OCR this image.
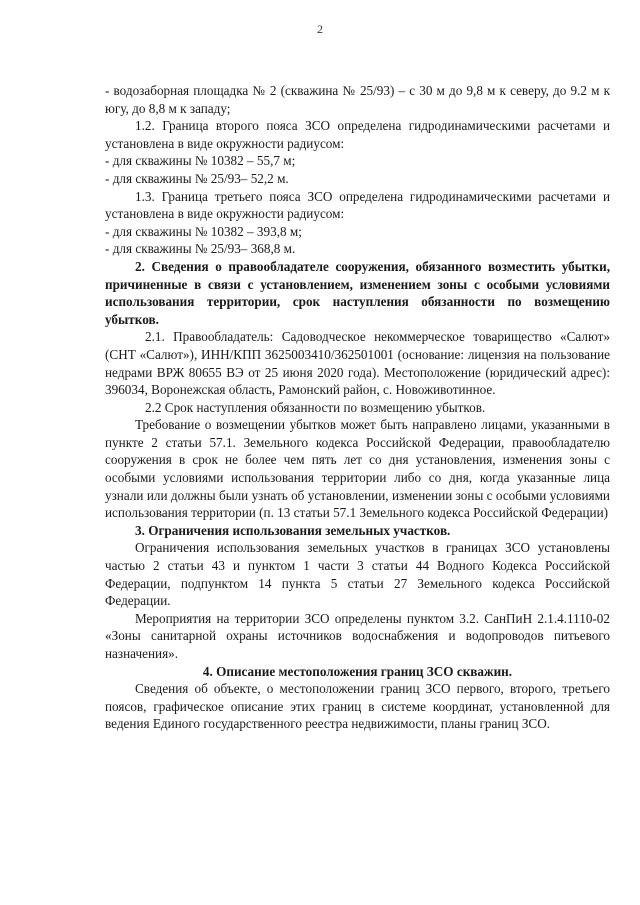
2

- водозаборная площадка № 2 (скважина № 25/93) – с 30 м до 9,8 м к северу, до 9.2 м к югу, до 8,8 м к западу;

1.2. Граница второго пояса ЗСО определена гидродинамическими расчетами и установлена в виде окружности радиусом:

- для скважины № 10382 – 55,7 м;

- для скважины № 25/93– 52,2 м.

1.3. Граница третьего пояса ЗСО определена гидродинамическими расчетами и установлена в виде окружности радиусом:

- для скважины № 10382 – 393,8 м;

- для скважины № 25/93– 368,8 м.

2. Сведения о правообладателе сооружения, обязанного возместить убытки, причиненные в связи с установлением, изменением зоны с особыми условиями использования территории, срок наступления обязанности по возмещению убытков.

2.1. Правообладатель: Садоводческое некоммерческое товарищество «Салют» (СНТ «Салют»), ИНН/КПП 3625003410/362501001 (основание: лицензия на пользование недрами ВРЖ 80655 ВЭ от 25 июня 2020 года). Местоположение (юридический адрес): 396034, Воронежская область, Рамонский район, с. Новоживотинное.

2.2 Срок наступления обязанности по возмещению убытков.

Требование о возмещении убытков может быть направлено лицами, указанными в пункте 2 статьи 57.1. Земельного кодекса Российской Федерации, правообладателю сооружения в срок не более чем пять лет со дня установления, изменения зоны с особыми условиями использования территории либо со дня, когда указанные лица узнали или должны были узнать об установлении, изменении зоны с особыми условиями использования территории (п. 13 статьи 57.1 Земельного кодекса Российской Федерации)

3. Ограничения использования земельных участков.

Ограничения использования земельных участков в границах ЗСО установлены частью 2 статьи 43 и пунктом 1 части 3 статьи 44 Водного Кодекса Российской Федерации, подпунктом 14 пункта 5 статьи 27 Земельного кодекса Российской Федерации.

Мероприятия на территории ЗСО определены пунктом 3.2. СанПиН 2.1.4.1110-02 «Зоны санитарной охраны источников водоснабжения и водопроводов питьевого назначения».

4. Описание местоположения границ ЗСО скважин.

Сведения об объекте, о местоположении границ ЗСО первого, второго, третьего поясов, графическое описание этих границ в системе координат, установленной для ведения Единого государственного реестра недвижимости, планы границ ЗСО.
